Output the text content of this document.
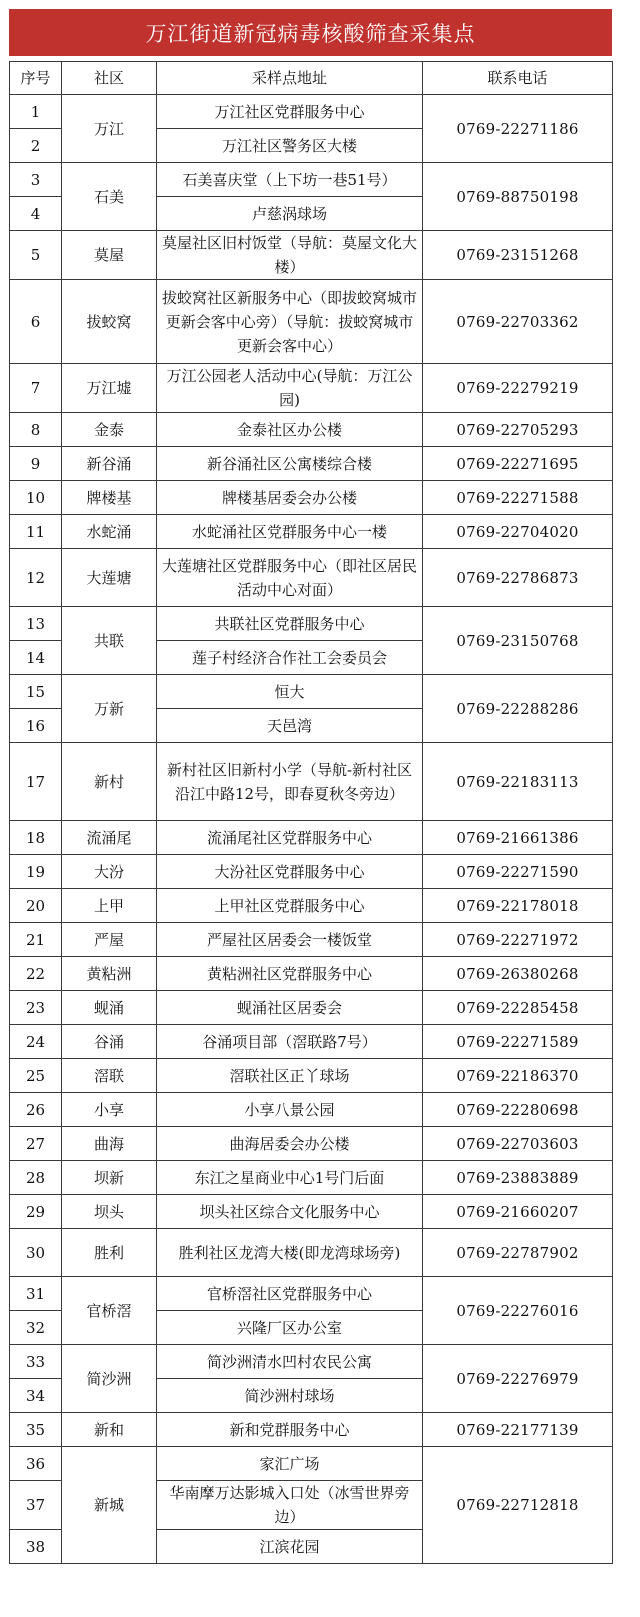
万江街道新冠病毒核酸筛查采集点
序号	社区	采样点地址	联系电话
1	万江	万江社区党群服务中心	0769-22271186
2		万江社区警务区大楼	
3	石美	石美喜庆堂（上下坊一巷51号）	0769-88750198
4		卢慈涡球场	
5	莫屋	莫屋社区旧村饭堂（导航：莫屋文化大楼）	0769-23151268
6	拔蛟窝	拔蛟窝社区新服务中心（即拔蛟窝城市更新会客中心旁）（导航：拔蛟窝城市更新会客中心）	0769-22703362
7	万江墟	万江公园老人活动中心(导航：万江公园)	0769-22279219
8	金泰	金泰社区办公楼	0769-22705293
9	新谷涌	新谷涌社区公寓楼综合楼	0769-22271695
10	牌楼基	牌楼基居委会办公楼	0769-22271588
11	水蛇涌	水蛇涌社区党群服务中心一楼	0769-22704020
12	大莲塘	大莲塘社区党群服务中心（即社区居民活动中心对面）	0769-22786873
13	共联	共联社区党群服务中心	0769-23150768
14		莲子村经济合作社工会委员会	
15	万新	恒大	0769-22288286
16		天邑湾	
17	新村	新村社区旧新村小学（导航-新村社区沿江中路12号，即春夏秋冬旁边）	0769-22183113
18	流涌尾	流涌尾社区党群服务中心	0769-21661386
19	大汾	大汾社区党群服务中心	0769-22271590
20	上甲	上甲社区党群服务中心	0769-22178018
21	严屋	严屋社区居委会一楼饭堂	0769-22271972
22	黄粘洲	黄粘洲社区党群服务中心	0769-26380268
23	蚬涌	蚬涌社区居委会	0769-22285458
24	谷涌	谷涌项目部（滘联路7号）	0769-22271589
25	滘联	滘联社区正丫球场	0769-22186370
26	小享	小享八景公园	0769-22280698
27	曲海	曲海居委会办公楼	0769-22703603
28	坝新	东江之星商业中心1号门后面	0769-23883889
29	坝头	坝头社区综合文化服务中心	0769-21660207
30	胜利	胜利社区龙湾大楼(即龙湾球场旁)	0769-22787902
31	官桥滘	官桥滘社区党群服务中心	0769-22276016
32		兴隆厂区办公室	
33	简沙洲	简沙洲清水凹村农民公寓	0769-22276979
34		简沙洲村球场	
35	新和	新和党群服务中心	0769-22177139
36	新城	家汇广场	0769-22712818
37		华南摩万达影城入口处（冰雪世界旁边）	
38		江滨花园	
